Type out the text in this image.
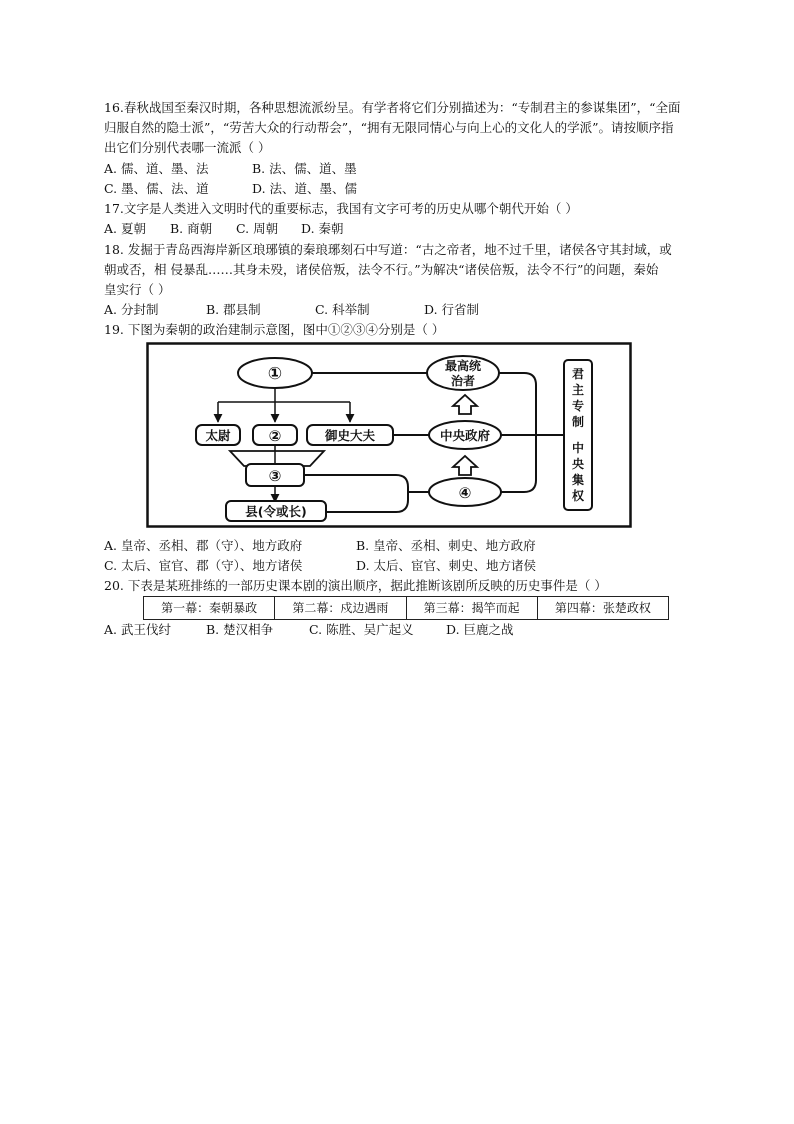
16.春秋战国至秦汉时期，各种思想流派纷呈。有学者将它们分别描述为：“专制君主的参谋集团”，“全面
归服自然的隐士派”，“劳苦大众的行动帮会”，“拥有无限同情心与向上心的文化人的学派”。请按顺序指
出它们分别代表哪一流派（ ）
A. 儒、道、墨、法	B. 法、儒、道、墨
C. 墨、儒、法、道	D. 法、道、墨、儒
17.文字是人类进入文明时代的重要标志，我国有文字可考的历史从哪个朝代开始（ ）
A. 夏朝 B. 商朝 C. 周朝 D. 秦朝
18. 发掘于青岛西海岸新区琅琊镇的秦琅琊刻石中写道：“古之帝者，地不过千里，诸侯各守其封域，或
朝或否，相 侵暴乱……其身未殁，诸侯倍叛，法令不行。”为解决“诸侯倍叛，法令不行”的问题，秦始
皇实行（ ）
A. 分封制	B. 郡县制	C. 科举制	D. 行省制
19. 下图为秦朝的政治建制示意图，图中①②③④分别是（ ）
①	最高统
治者
太尉	②	御史大夫	中央政府
③
县(令或长)
④
君
主
专
制
中
央
集
权
A. 皇帝、丞相、郡（守）、地方政府	B. 皇帝、丞相、刺史、地方政府
C. 太后、宦官、郡（守）、地方诸侯	D. 太后、宦官、刺史、地方诸侯
20. 下表是某班排练的一部历史课本剧的演出顺序，据此推断该剧所反映的历史事件是（ ）
第一幕：秦朝暴政	第二幕：戍边遇雨	第三幕：揭竿而起	第四幕：张楚政权
A. 武王伐纣	B. 楚汉相争	C. 陈胜、吴广起义	D. 巨鹿之战
